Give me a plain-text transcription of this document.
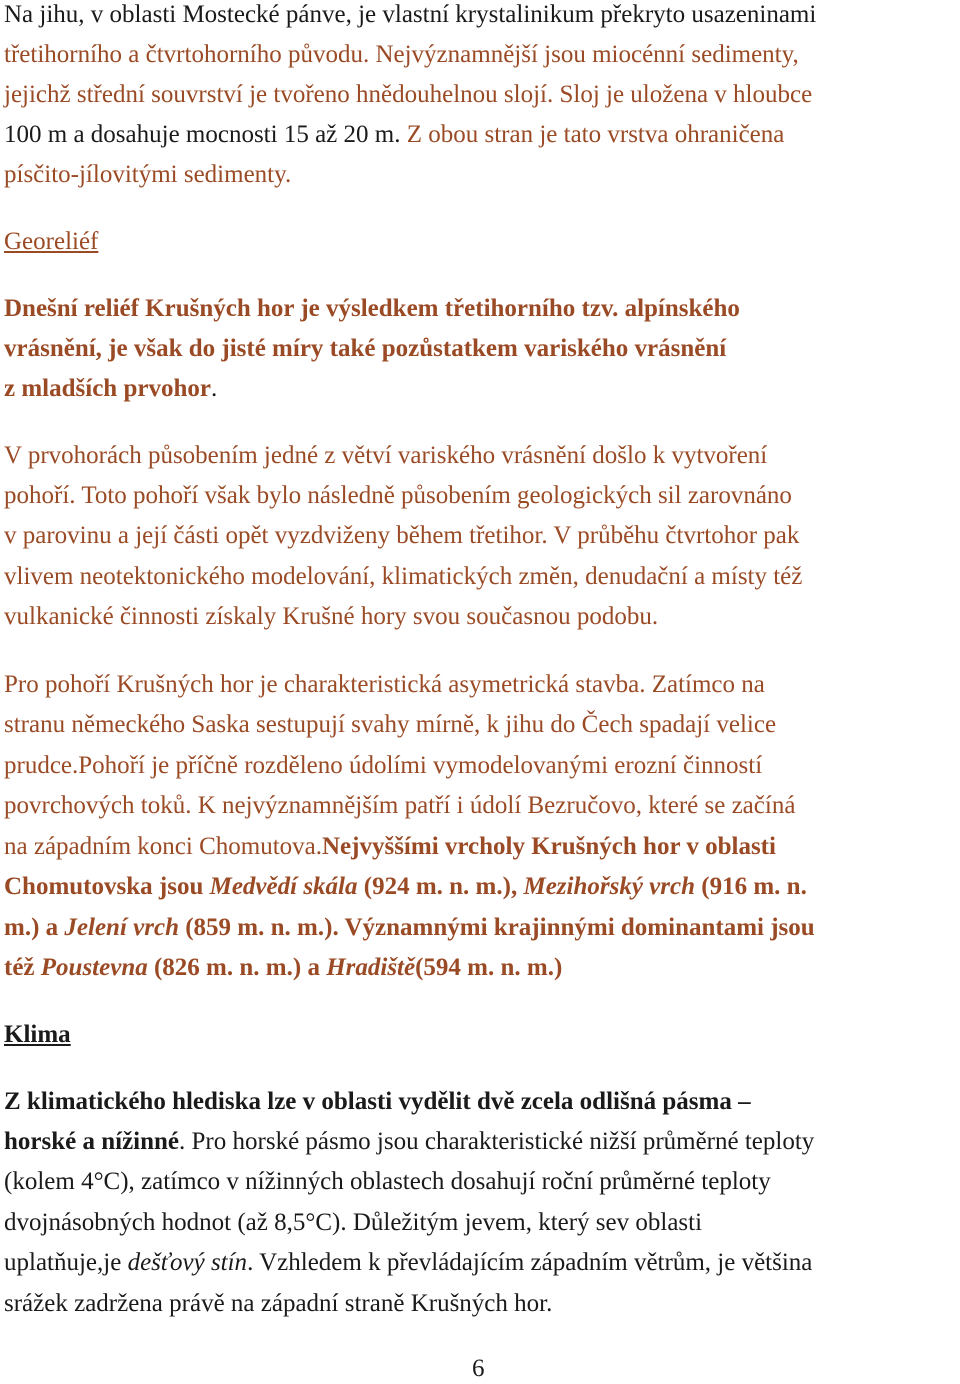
Na jihu, v oblasti Mostecké pánve, je vlastní krystalinikum překryto usazeninami
třetihorního a čtvrtohorního původu. Nejvýznamnější jsou miocénní sedimenty,
jejichž střední souvrství je tvořeno hnědouhelnou slojí. Sloj je uložena v hloubce
100 m a dosahuje mocnosti 15 až 20 m. Z obou stran je tato vrstva ohraničena
písčito-jílovitými sedimenty.
Georeliéf
Dnešní reliéf Krušných hor je výsledkem třetihorního tzv. alpínského
vrásnění, je však do jisté míry také pozůstatkem variského vrásnění
z mladších prvohor.
V prvohorách působením jedné z větví variského vrásnění došlo k vytvoření
pohoří. Toto pohoří však bylo následně působením geologických sil zarovnáno
v parovinu a její části opět vyzdviženy během třetihor. V průběhu čtvrtohor pak
vlivem neotektonického modelování, klimatických změn, denudační a místy též
vulkanické činnosti získaly Krušné hory svou současnou podobu.
Pro pohoří Krušných hor je charakteristická asymetrická stavba. Zatímco na
stranu německého Saska sestupují svahy mírně, k jihu do Čech spadají velice
prudce.Pohoří je příčně rozděleno údolími vymodelovanými erozní činností
povrchových toků. K nejvýznamnějším patří i údolí Bezručovo, které se začíná
na západním konci Chomutova.Nejvyššími vrcholy Krušných hor v oblasti
Chomutovska jsou Medvědí skála (924 m. n. m.), Mezihořský vrch (916 m. n.
m.) a Jelení vrch (859 m. n. m.). Významnými krajinnými dominantami jsou
též Poustevna (826 m. n. m.) a Hradiště(594 m. n. m.)
Klima
Z klimatického hlediska lze v oblasti vydělit dvě zcela odlišná pásma –
horské a nížinné. Pro horské pásmo jsou charakteristické nižší průměrné teploty
(kolem 4°C), zatímco v nížinných oblastech dosahují roční průměrné teploty
dvojnásobných hodnot (až 8,5°C). Důležitým jevem, který sev oblasti
uplatňuje,je dešťový stín. Vzhledem k převládajícím západním větrům, je většina
srážek zadržena právě na západní straně Krušných hor.
6
